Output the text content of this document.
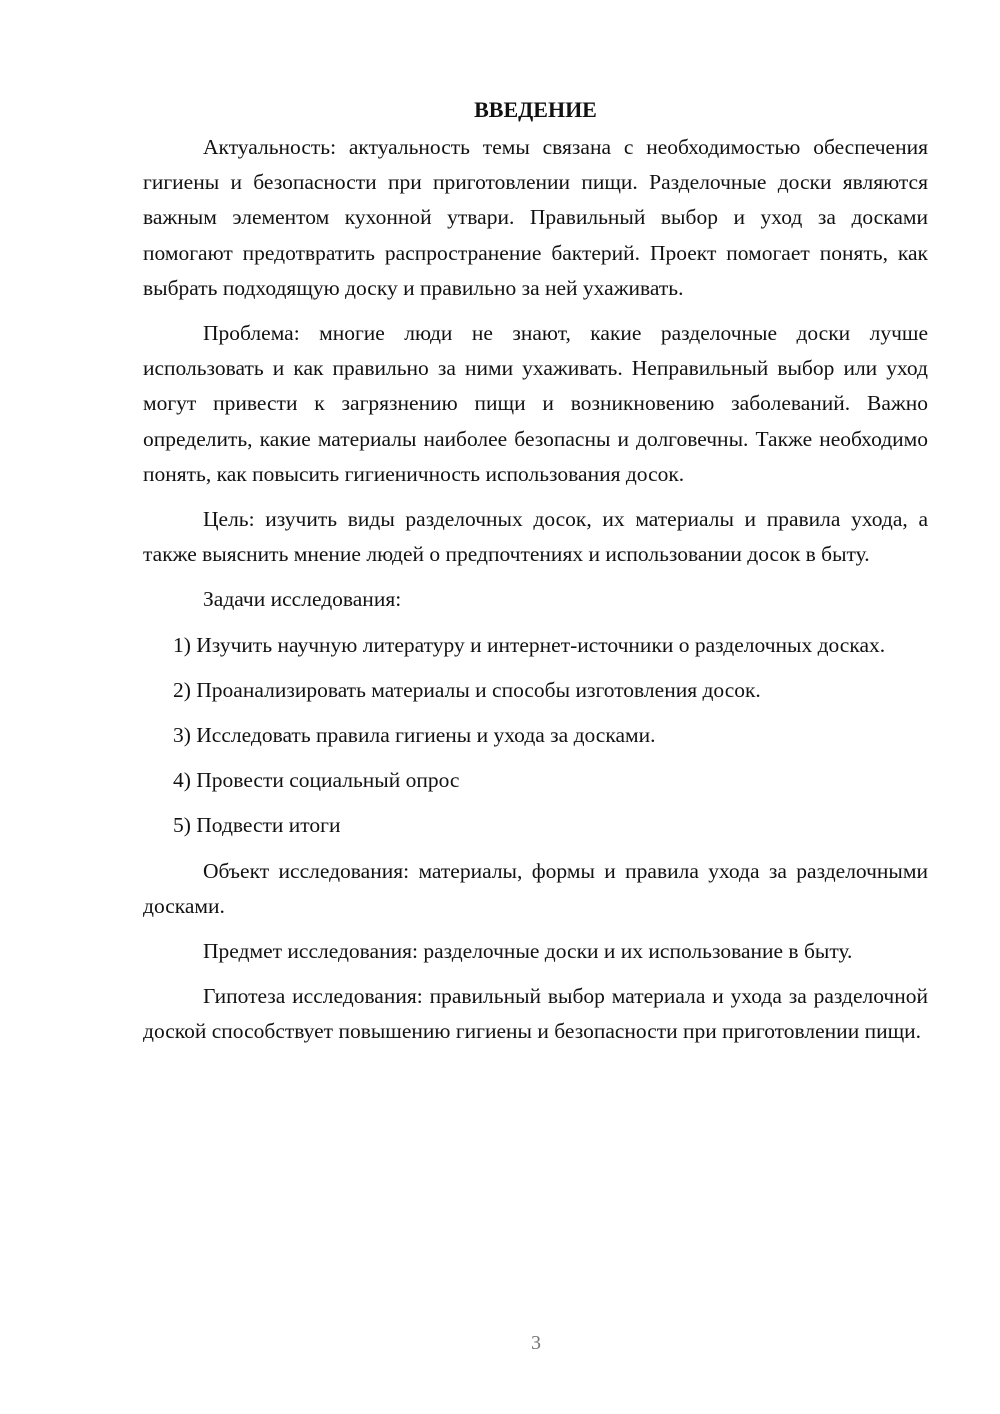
ВВЕДЕНИЕ

Актуальность: актуальность темы связана с необходимостью обеспечения гигиены и безопасности при приготовлении пищи. Разделочные доски являются важным элементом кухонной утвари. Правильный выбор и уход за досками помогают предотвратить распространение бактерий. Проект помогает понять, как выбрать подходящую доску и правильно за ней ухаживать.

Проблема: многие люди не знают, какие разделочные доски лучше использовать и как правильно за ними ухаживать. Неправильный выбор или уход могут привести к загрязнению пищи и возникновению заболеваний. Важно определить, какие материалы наиболее безопасны и долговечны. Также необходимо понять, как повысить гигиеничность использования досок.

Цель: изучить виды разделочных досок, их материалы и правила ухода, а также выяснить мнение людей о предпочтениях и использовании досок в быту.

Задачи исследования:

1) Изучить научную литературу и интернет-источники о разделочных досках.

2) Проанализировать материалы и способы изготовления досок.

3) Исследовать правила гигиены и ухода за досками.

4) Провести социальный опрос

5) Подвести итоги

Объект исследования: материалы, формы и правила ухода за разделочными досками.

Предмет исследования: разделочные доски и их использование в быту.

Гипотеза исследования: правильный выбор материала и ухода за разделочной доской способствует повышению гигиены и безопасности при приготовлении пищи.

3
